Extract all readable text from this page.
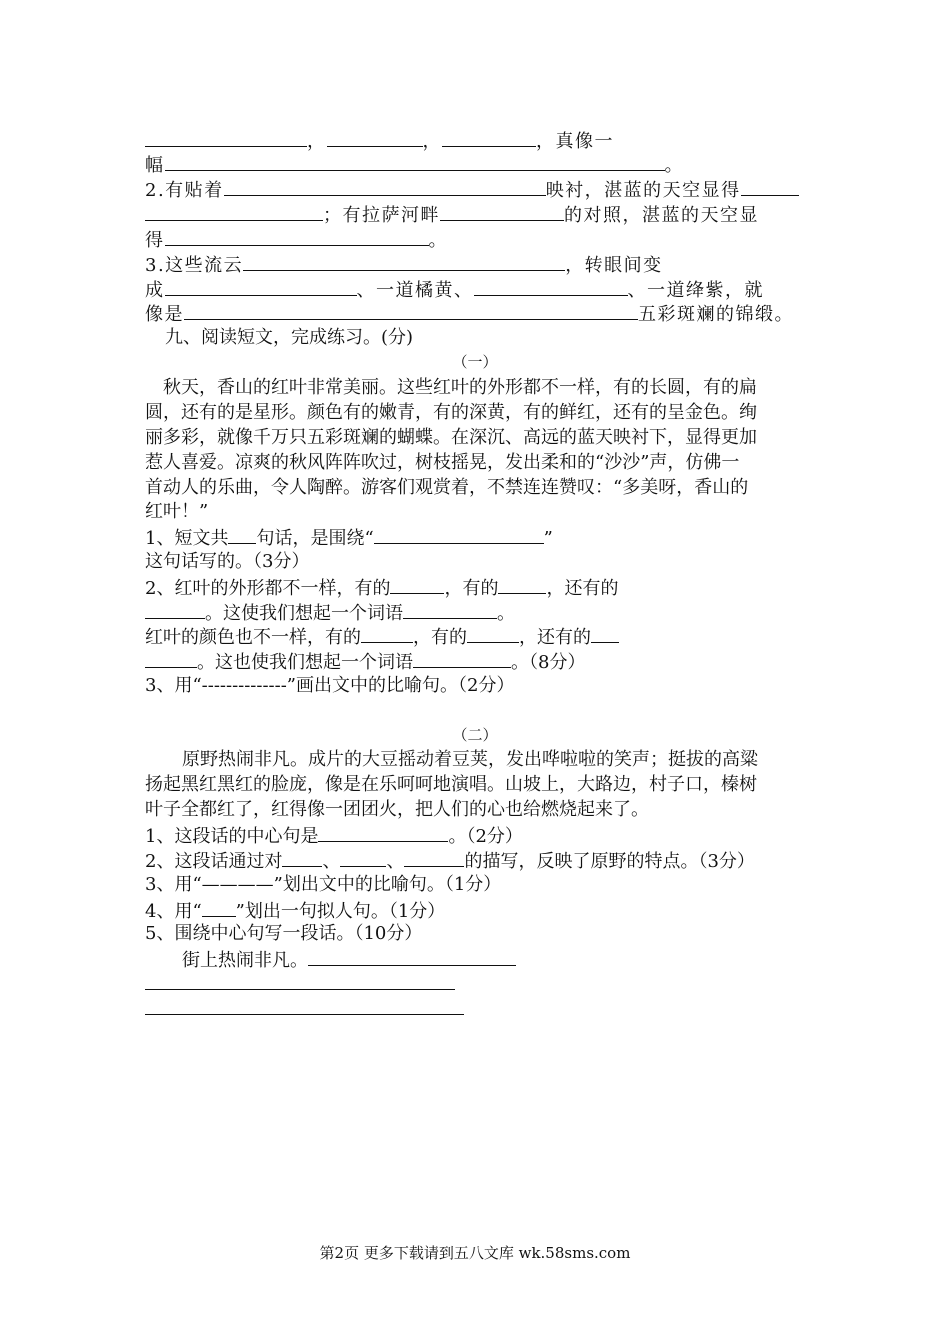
，	，	，真像一
幅	。
2.有贴着	映衬，湛蓝的天空显得
；有拉萨河畔	的对照，湛蓝的天空显
得	。
3.这些流云	，转眼间变
成	、一道橘黄、	、一道绛紫，就
像是	五彩斑斓的锦缎。
九、阅读短文，完成练习。(分)
（一）
秋天，香山的红叶非常美丽。这些红叶的外形都不一样，有的长圆，有的扁
圆，还有的是星形。颜色有的嫩青，有的深黄，有的鲜红，还有的呈金色。绚
丽多彩，就像千万只五彩斑斓的蝴蝶。在深沉、高远的蓝天映衬下，显得更加
惹人喜爱。凉爽的秋风阵阵吹过，树枝摇晃，发出柔和的“沙沙”声，仿佛一
首动人的乐曲，令人陶醉。游客们观赏着，不禁连连赞叹：“多美呀，香山的
红叶！”
1、短文共 句话，是围绕“	”
这句话写的。（3分）
2、红叶的外形都不一样，有的	，有的	，还有的
。这使我们想起一个词语	。
红叶的颜色也不一样，有的	，有的	，还有的
。这也使我们想起一个词语	。（8分）
3、用“--------------”画出文中的比喻句。（2分）
（二）
原野热闹非凡。成片的大豆摇动着豆荚，发出哗啦啦的笑声；挺拔的高粱
扬起黑红黑红的脸庞，像是在乐呵呵地演唱。山坡上，大路边，村子口，榛树
叶子全都红了，红得像一团团火，把人们的心也给燃烧起来了。
1、这段话的中心句是	。（2分）
2、这段话通过对 、	、	的描写，反映了原野的特点。（3分）
3、用“————”划出文中的比喻句。（1分）
4、用“ ”划出一句拟人句。（1分）
5、围绕中心句写一段话。（10分）
街上热闹非凡。
第2页 更多下载请到五八文库 wk.58sms.com
